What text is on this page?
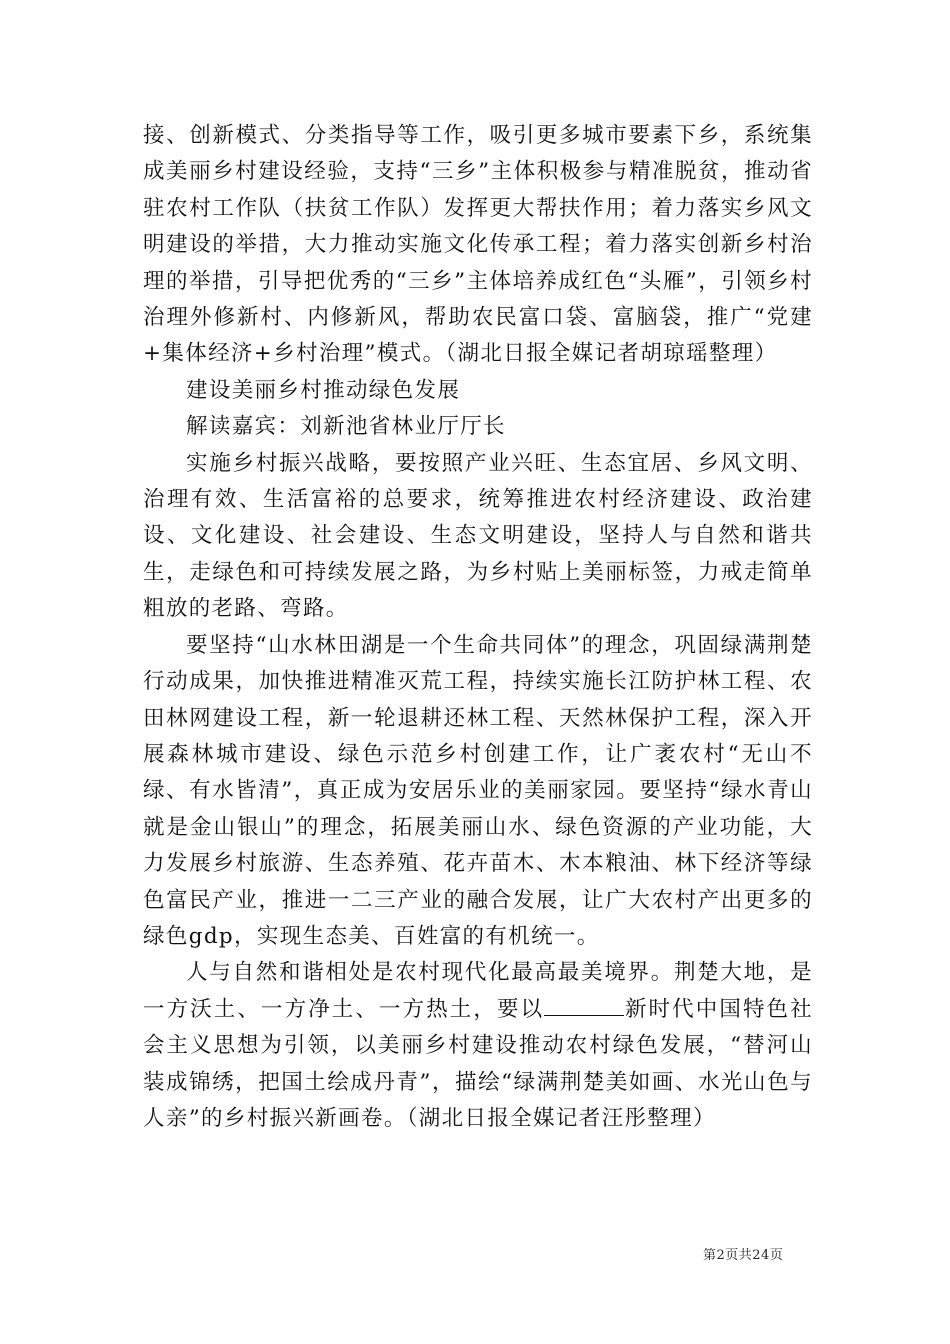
接、创新模式、分类指导等工作，吸引更多城市要素下乡，系统集成美丽乡村建设经验，支持“三乡”主体积极参与精准脱贫，推动省驻农村工作队（扶贫工作队）发挥更大帮扶作用；着力落实乡风文明建设的举措，大力推动实施文化传承工程；着力落实创新乡村治理的举措，引导把优秀的“三乡”主体培养成红色“头雁”，引领乡村治理外修新村、内修新风，帮助农民富口袋、富脑袋，推广“党建+集体经济+乡村治理”模式。（湖北日报全媒记者胡琼瑶整理）

建设美丽乡村推动绿色发展

解读嘉宾：刘新池省林业厅厅长

实施乡村振兴战略，要按照产业兴旺、生态宜居、乡风文明、治理有效、生活富裕的总要求，统筹推进农村经济建设、政治建设、文化建设、社会建设、生态文明建设，坚持人与自然和谐共生，走绿色和可持续发展之路，为乡村贴上美丽标签，力戒走简单粗放的老路、弯路。

要坚持“山水林田湖是一个生命共同体”的理念，巩固绿满荆楚行动成果，加快推进精准灭荒工程，持续实施长江防护林工程、农田林网建设工程，新一轮退耕还林工程、天然林保护工程，深入开展森林城市建设、绿色示范乡村创建工作，让广袤农村“无山不绿、有水皆清”，真正成为安居乐业的美丽家园。要坚持“绿水青山就是金山银山”的理念，拓展美丽山水、绿色资源的产业功能，大力发展乡村旅游、生态养殖、花卉苗木、木本粮油、林下经济等绿色富民产业，推进一二三产业的融合发展，让广大农村产出更多的绿色gdp，实现生态美、百姓富的有机统一。

人与自然和谐相处是农村现代化最高最美境界。荆楚大地，是一方沃土、一方净土、一方热土，要以	新时代中国特色社会主义思想为引领，以美丽乡村建设推动农村绿色发展，“替河山装成锦绣，把国土绘成丹青”，描绘“绿满荆楚美如画、水光山色与人亲”的乡村振兴新画卷。（湖北日报全媒记者汪彤整理）

第2页共24页
